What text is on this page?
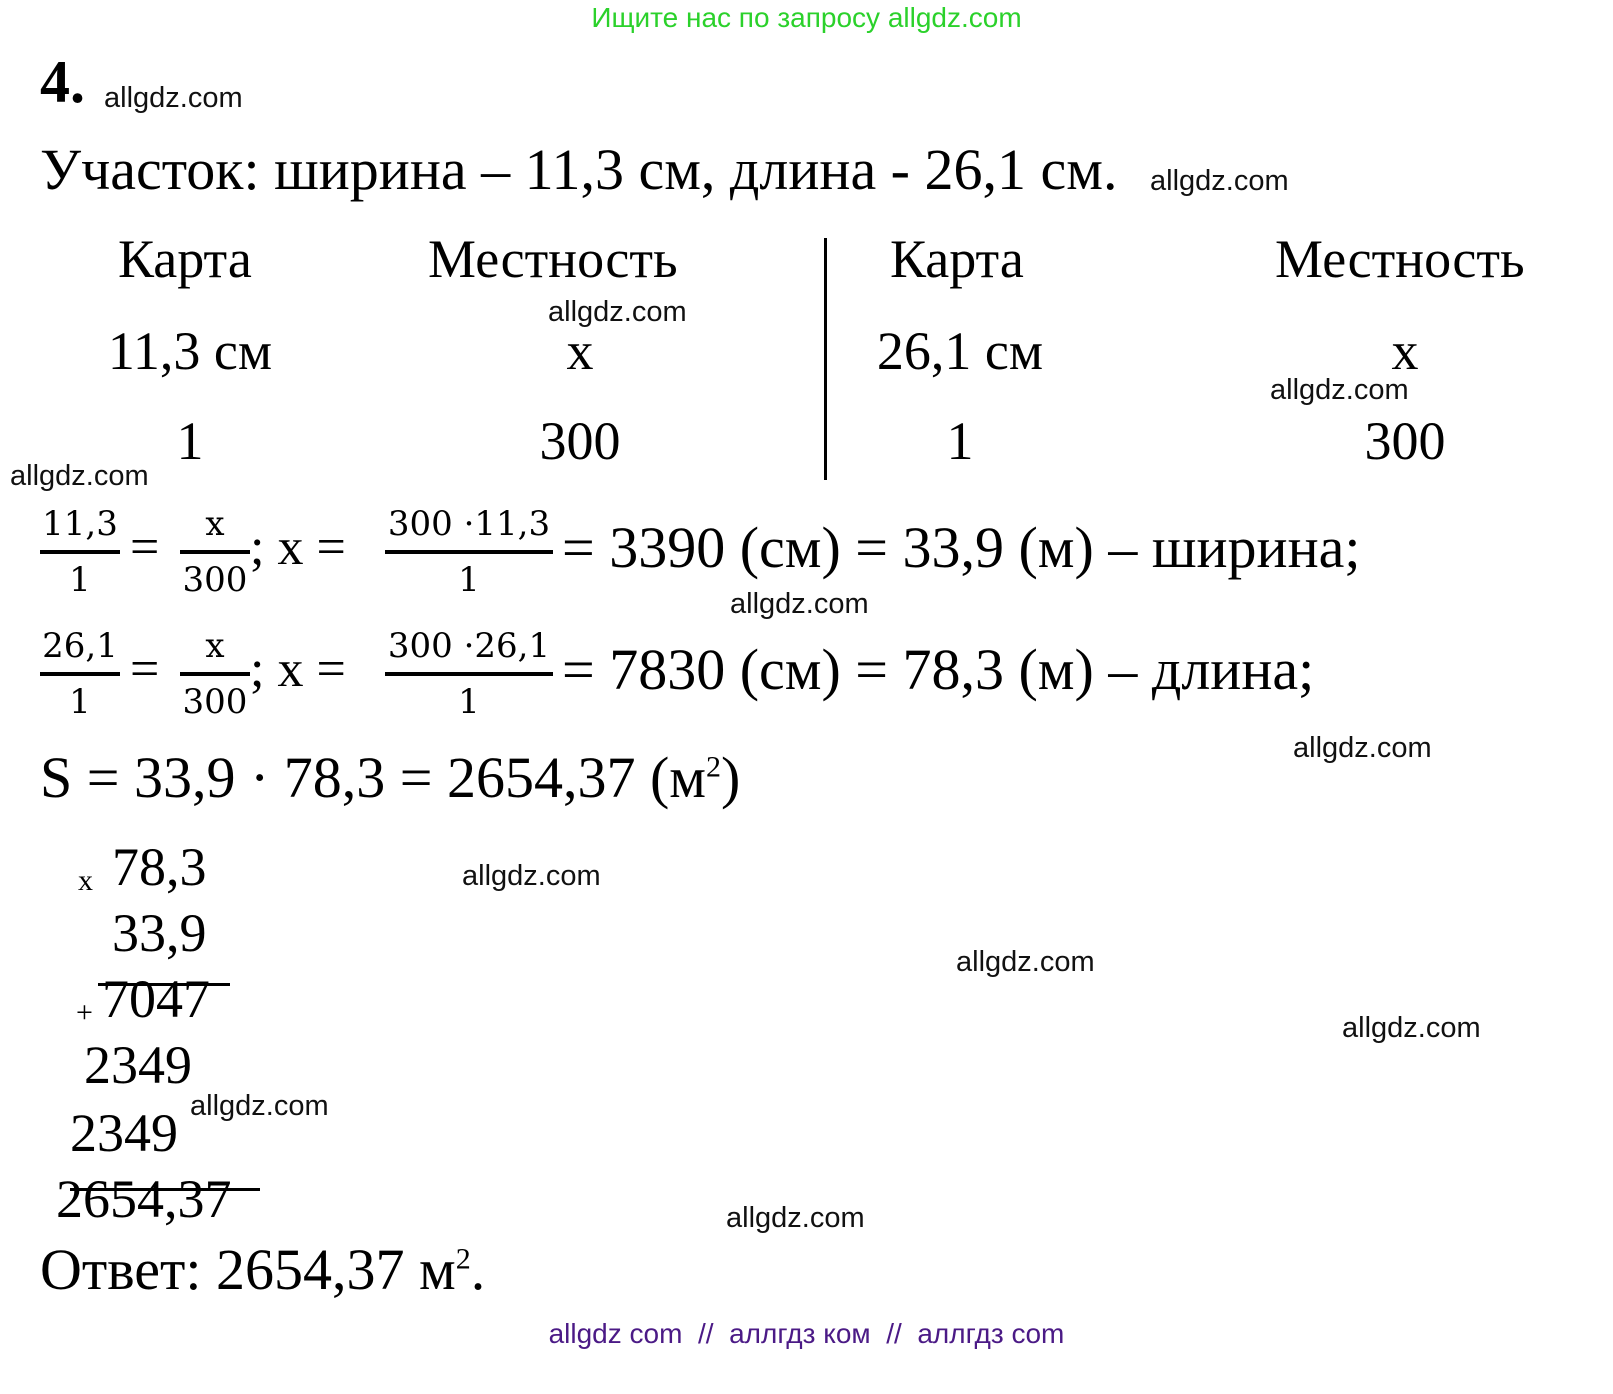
Ищите нас по запросу allgdz.com
4. allgdz.com
Участок: ширина – 11,3 см, длина - 26,1 см. allgdz.com
Карта	Местность
11,3 см	x
1	300
Карта	Местность
26,1 см	x
1	300
allgdz.com
allgdz.com
allgdz.com
11,3
1
= x
300
; x = 300 ·11,3
1 = 3390 (см) = 33,9 (м) – ширина;
allgdz.com
26,1
1
= x
300
; x = 300 ·26,1
1 = 7830 (см) = 78,3 (м) – длина;
allgdz.com
S = 33,9 · 78,3 = 2654,37 $(м^2)$
x 78,3
33,9
+ 7047
2349
2349
2654,37
allgdz.com
allgdz.com
allgdz.com
allgdz.com
allgdz.com
Ответ: 2654,37 $м^2$.
allgdz com  //  аллгдз ком  //  аллгдз com
